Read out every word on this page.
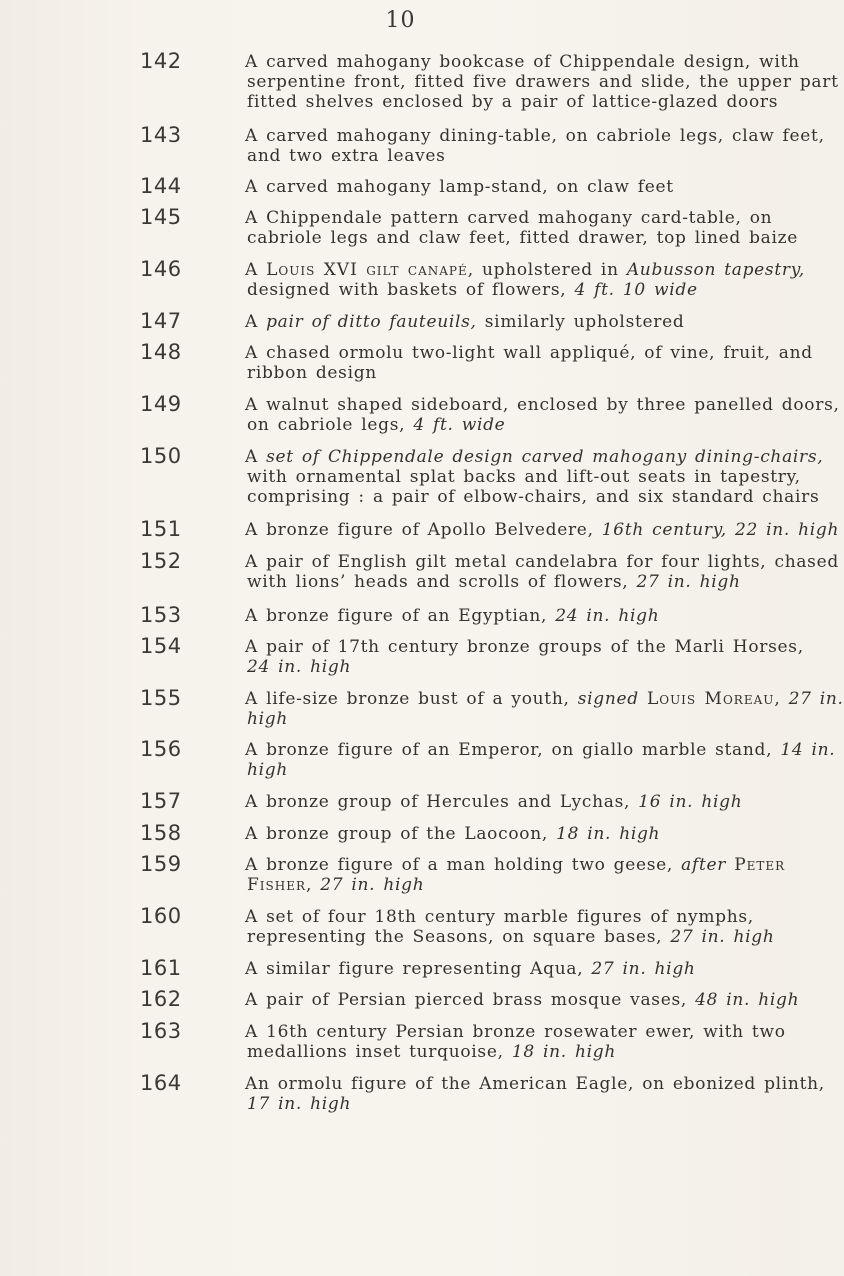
10
142	A carved mahogany bookcase of Chippendale design, with
serpentine front, fitted five drawers and slide, the upper part
fitted shelves enclosed by a pair of lattice-glazed doors
143	A carved mahogany dining-table, on cabriole legs, claw feet,
and two extra leaves
144	A carved mahogany lamp-stand, on claw feet
145	A Chippendale pattern carved mahogany card-table, on
cabriole legs and claw feet, fitted drawer, top lined baize
146	A Louis XVI gilt canapé, upholstered in Aubusson tapestry,
designed with baskets of flowers, 4 ft. 10 wide
147	A pair of ditto fauteuils, similarly upholstered
148	A chased ormolu two-light wall appliqué, of vine, fruit, and
ribbon design
149	A walnut shaped sideboard, enclosed by three panelled doors,
on cabriole legs, 4 ft. wide
150	A set of Chippendale design carved mahogany dining-chairs,
with ornamental splat backs and lift-out seats in tapestry,
comprising : a pair of elbow-chairs, and six standard chairs
151	A bronze figure of Apollo Belvedere, 16th century, 22 in. high
152	A pair of English gilt metal candelabra for four lights, chased
with lions’ heads and scrolls of flowers, 27 in. high
153	A bronze figure of an Egyptian, 24 in. high
154	A pair of 17th century bronze groups of the Marli Horses,
24 in. high
155	A life-size bronze bust of a youth, signed Louis Moreau, 27 in.
high
156	A bronze figure of an Emperor, on giallo marble stand, 14 in.
high
157	A bronze group of Hercules and Lychas, 16 in. high
158	A bronze group of the Laocoon, 18 in. high
159	A bronze figure of a man holding two geese, after Peter
Fisher, 27 in. high
160	A set of four 18th century marble figures of nymphs,
representing the Seasons, on square bases, 27 in. high
161	A similar figure representing Aqua, 27 in. high
162	A pair of Persian pierced brass mosque vases, 48 in. high
163	A 16th century Persian bronze rosewater ewer, with two
medallions inset turquoise, 18 in. high
164	An ormolu figure of the American Eagle, on ebonized plinth,
17 in. high
